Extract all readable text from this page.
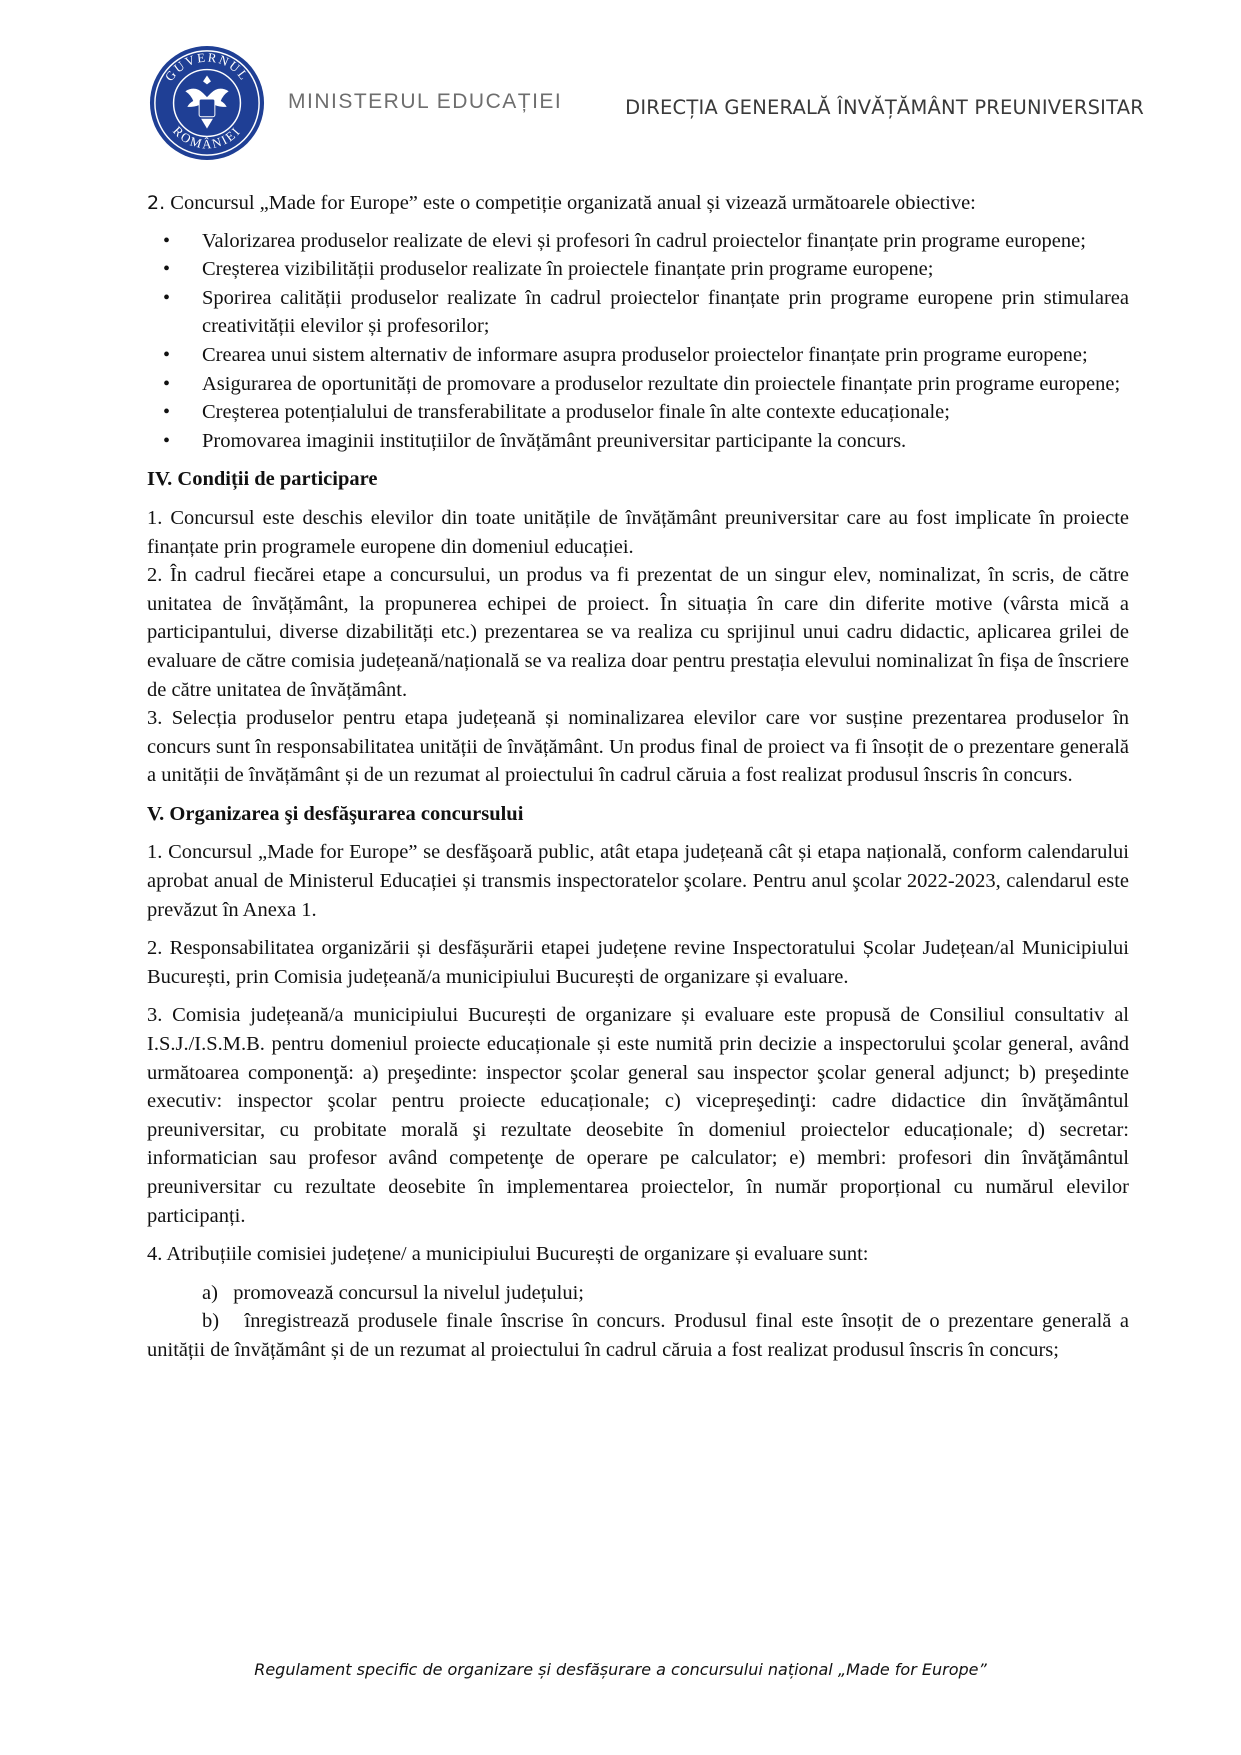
GUVERNUL
ROMÂNIEI
MINISTERUL EDUCAȚIEI	DIRECȚIA GENERALĂ ÎNVĂȚĂMÂNT PREUNIVERSITAR

2. Concursul „Made for Europe” este o competiție organizată anual și vizează următoarele obiective:

• Valorizarea produselor realizate de elevi și profesori în cadrul proiectelor finanțate prin programe europene;
• Creșterea vizibilității produselor realizate în proiectele finanțate prin programe europene;
• Sporirea calității produselor realizate în cadrul proiectelor finanțate prin programe europene prin stimularea creativității elevilor și profesorilor;
• Crearea unui sistem alternativ de informare asupra produselor proiectelor finanțate prin programe europene;
• Asigurarea de oportunități de promovare a produselor rezultate din proiectele finanțate prin programe europene;
• Creșterea potențialului de transferabilitate a produselor finale în alte contexte educaționale;
• Promovarea imaginii instituțiilor de învățământ preuniversitar participante la concurs.
IV. Condiții de participare

1. Concursul este deschis elevilor din toate unitățile de învățământ preuniversitar care au fost implicate în proiecte finanțate prin programele europene din domeniul educației.

2. În cadrul fiecărei etape a concursului, un produs va fi prezentat de un singur elev, nominalizat, în scris, de către unitatea de învățământ, la propunerea echipei de proiect. În situația în care din diferite motive (vârsta mică a participantului, diverse dizabilități etc.) prezentarea se va realiza cu sprijinul unui cadru didactic, aplicarea grilei de evaluare de către comisia județeană/națională se va realiza doar pentru prestația elevului nominalizat în fișa de înscriere de către unitatea de învățământ.

3. Selecția produselor pentru etapa județeană și nominalizarea elevilor care vor susține prezentarea produselor în concurs sunt în responsabilitatea unității de învățământ. Un produs final de proiect va fi însoțit de o prezentare generală a unității de învățământ și de un rezumat al proiectului în cadrul căruia a fost realizat produsul înscris în concurs.

V. Organizarea şi desfăşurarea concursului

1. Concursul „Made for Europe” se desfăşoară public, atât etapa județeană cât și etapa națională, conform calendarului aprobat anual de Ministerul Educației și transmis inspectoratelor şcolare. Pentru anul şcolar 2022-2023, calendarul este prevăzut în Anexa 1.

2. Responsabilitatea organizării și desfășurării etapei județene revine Inspectoratului Școlar Județean/al Municipiului București, prin Comisia județeană/a municipiului București de organizare și evaluare.

3. Comisia județeană/a municipiului București de organizare și evaluare este propusă de Consiliul consultativ al I.S.J./I.S.M.B. pentru domeniul proiecte educaționale și este numită prin decizie a inspectorului şcolar general, având următoarea componenţă: a) preşedinte: inspector şcolar general sau inspector şcolar general adjunct; b) preşedinte executiv: inspector şcolar pentru proiecte educaționale; c) vicepreşedinţi: cadre didactice din învăţământul preuniversitar, cu probitate morală şi rezultate deosebite în domeniul proiectelor educaționale; d) secretar: informatician sau profesor având competenţe de operare pe calculator; e) membri: profesori din învăţământul preuniversitar cu rezultate deosebite în implementarea proiectelor, în număr proporțional cu numărul elevilor participanți.

4. Atribuțiile comisiei județene/ a municipiului București de organizare și evaluare sunt:

a)   promovează concursul la nivelul județului;

b)   înregistrează produsele finale înscrise în concurs. Produsul final este însoțit de o prezentare generală a unității de învățământ și de un rezumat al proiectului în cadrul căruia a fost realizat produsul înscris în concurs;

Regulament specific de organizare și desfășurare a concursului național „Made for Europe”
